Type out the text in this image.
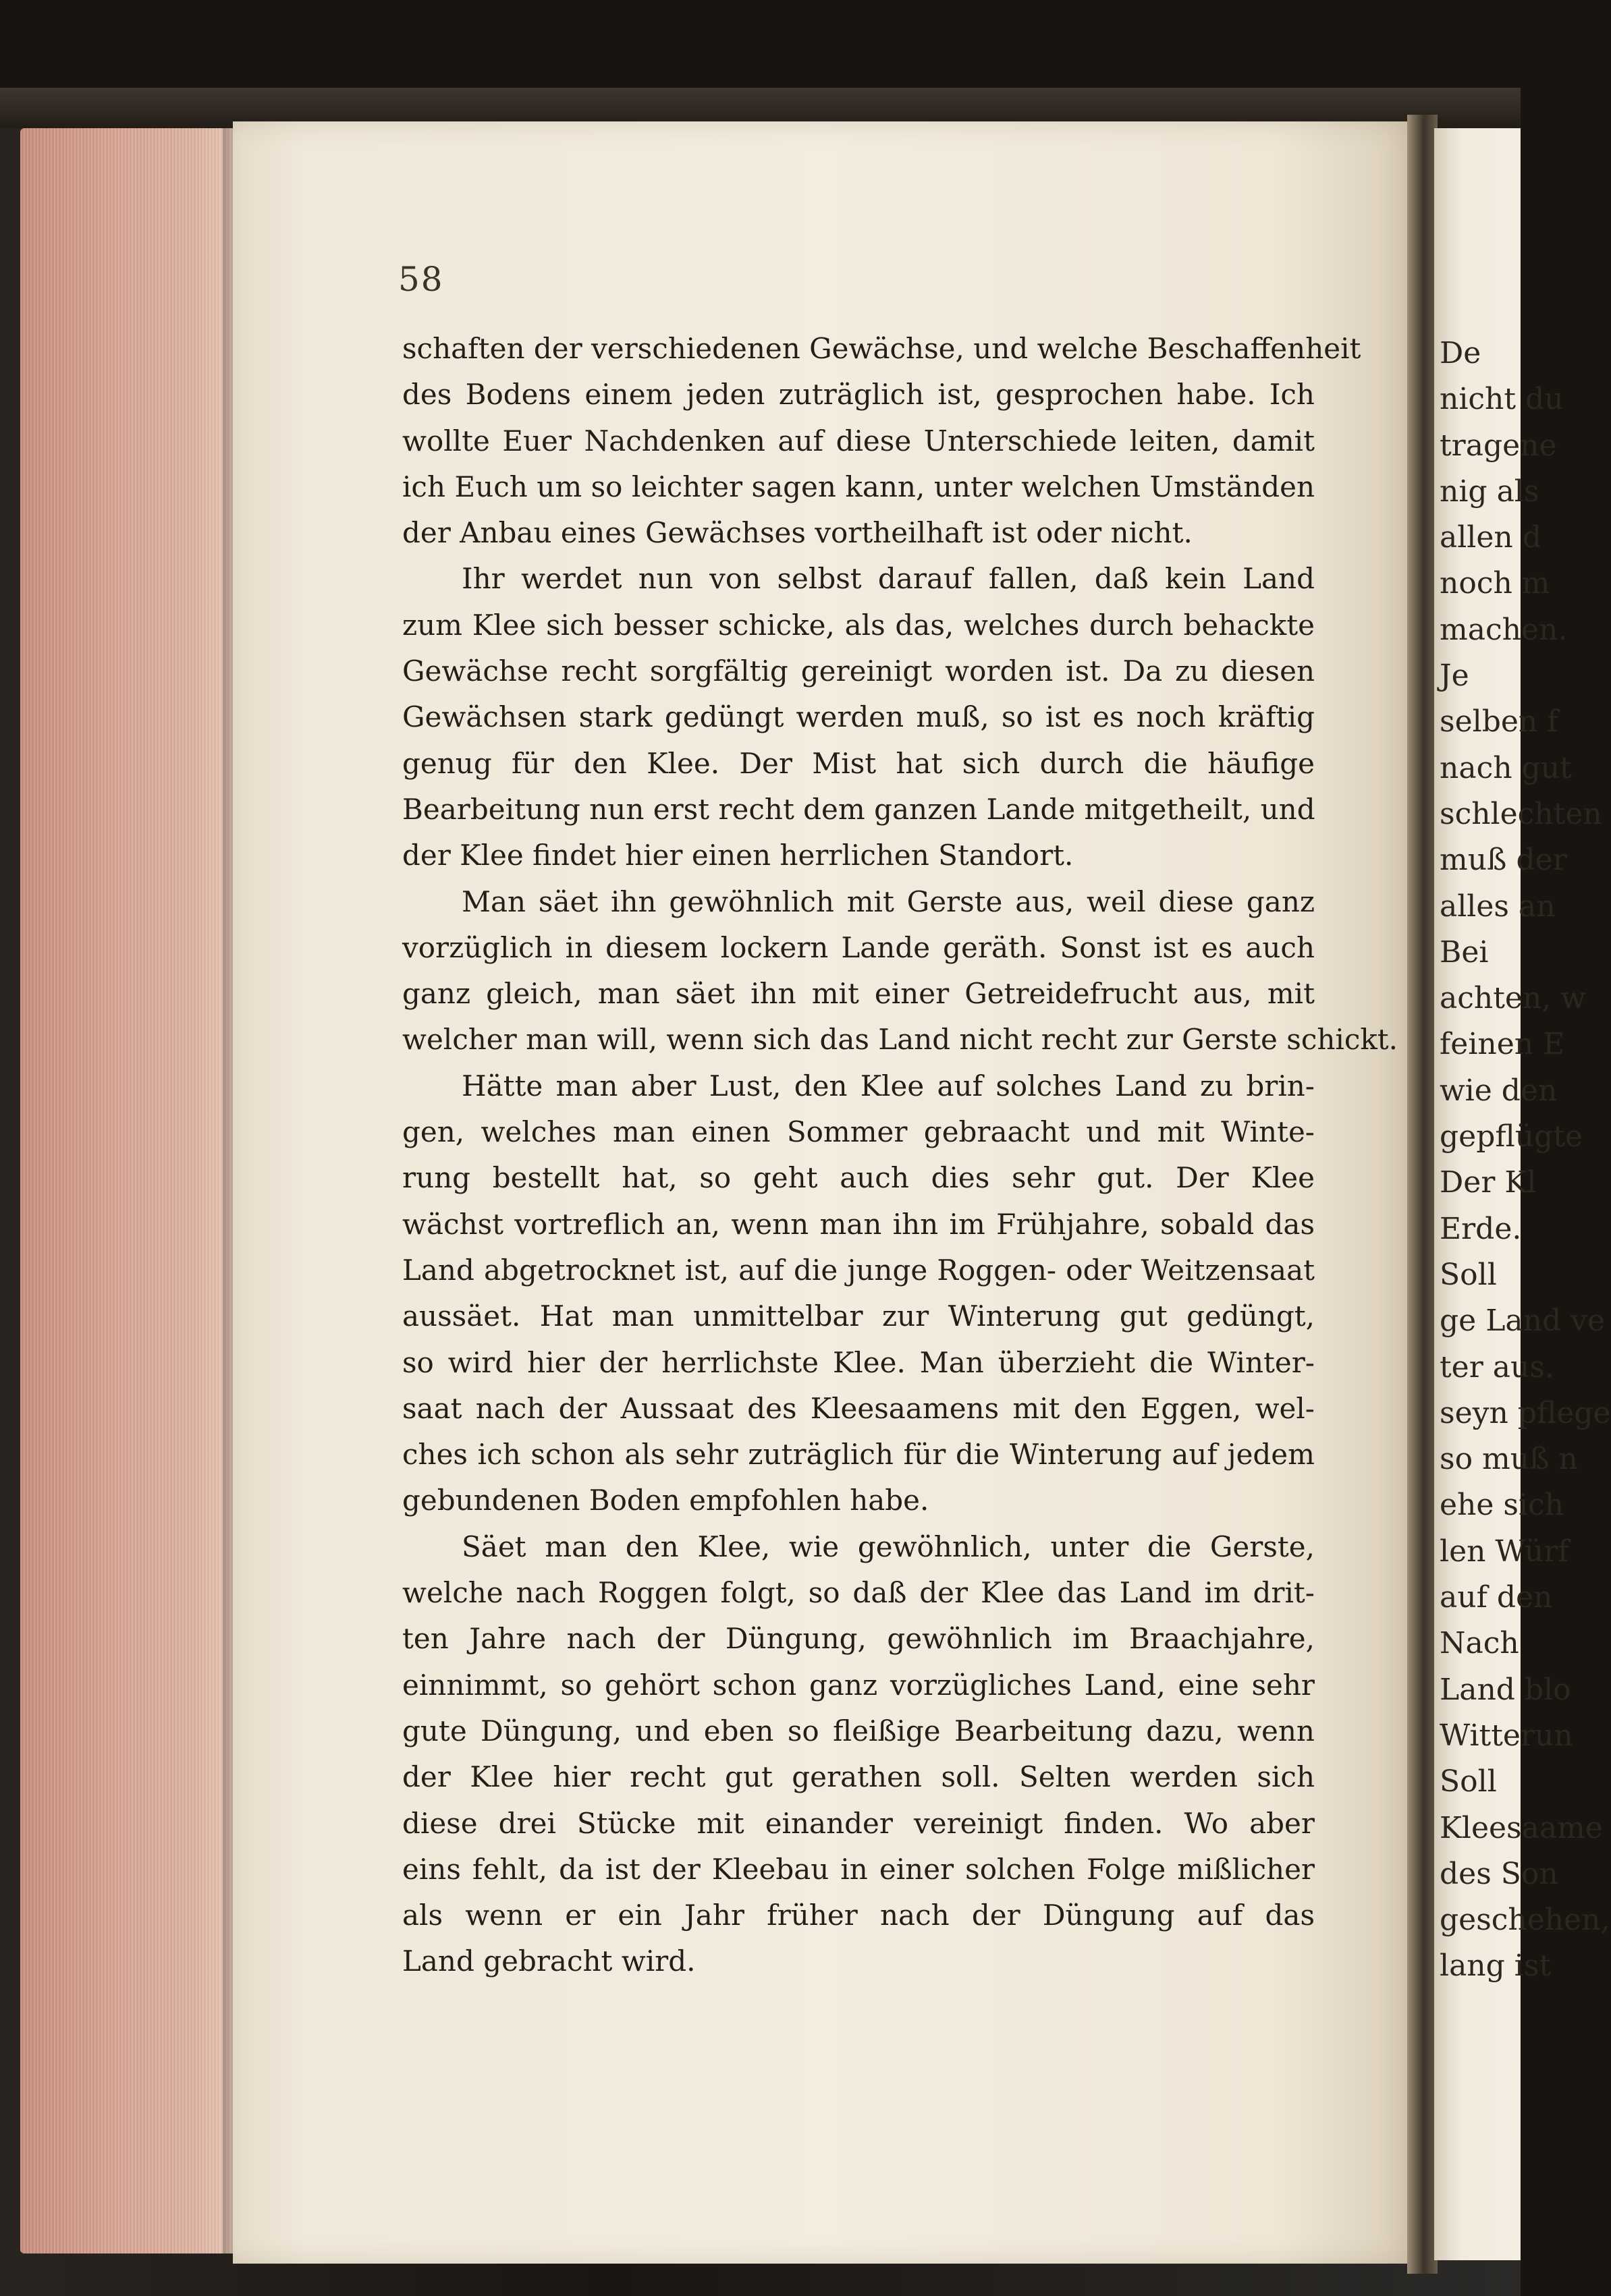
58
schaften der verschiedenen Gewächse, und welche Beschaffenheit
des Bodens einem jeden zuträglich ist, gesprochen habe. Ich
wollte Euer Nachdenken auf diese Unterschiede leiten, damit
ich Euch um so leichter sagen kann, unter welchen Umständen
der Anbau eines Gewächses vortheilhaft ist oder nicht.
Ihr werdet nun von selbst darauf fallen, daß kein Land
zum Klee sich besser schicke, als das, welches durch behackte
Gewächse recht sorgfältig gereinigt worden ist. Da zu diesen
Gewächsen stark gedüngt werden muß, so ist es noch kräftig
genug für den Klee. Der Mist hat sich durch die häufige
Bearbeitung nun erst recht dem ganzen Lande mitgetheilt, und
der Klee findet hier einen herrlichen Standort.
Man säet ihn gewöhnlich mit Gerste aus, weil diese ganz
vorzüglich in diesem lockern Lande geräth. Sonst ist es auch
ganz gleich, man säet ihn mit einer Getreidefrucht aus, mit
welcher man will, wenn sich das Land nicht recht zur Gerste schickt.
Hätte man aber Lust, den Klee auf solches Land zu brin-
gen, welches man einen Sommer gebraacht und mit Winte-
rung bestellt hat, so geht auch dies sehr gut. Der Klee
wächst vortreflich an, wenn man ihn im Frühjahre, sobald das
Land abgetrocknet ist, auf die junge Roggen- oder Weitzensaat
aussäet. Hat man unmittelbar zur Winterung gut gedüngt,
so wird hier der herrlichste Klee. Man überzieht die Winter-
saat nach der Aussaat des Kleesaamens mit den Eggen, wel-
ches ich schon als sehr zuträglich für die Winterung auf jedem
gebundenen Boden empfohlen habe.
Säet man den Klee, wie gewöhnlich, unter die Gerste,
welche nach Roggen folgt, so daß der Klee das Land im drit-
ten Jahre nach der Düngung, gewöhnlich im Braachjahre,
einnimmt, so gehört schon ganz vorzügliches Land, eine sehr
gute Düngung, und eben so fleißige Bearbeitung dazu, wenn
der Klee hier recht gut gerathen soll. Selten werden sich
diese drei Stücke mit einander vereinigt finden. Wo aber
eins fehlt, da ist der Kleebau in einer solchen Folge mißlicher
als wenn er ein Jahr früher nach der Düngung auf das
Land gebracht wird.
De
nicht du
tragene
nig als
allen d
noch m
machen.
Je
selben f
nach gut
schlechten
muß der
alles an
Bei
achten, w
feinen E
wie den
gepflügte
Der Kl
Erde.
Soll
ge Land ve
ter aus.
seyn pflege
so muß n
ehe sich
len Würf
auf den
Nach
Land blo
Witterun
Soll
Kleesaame
des Son
geschehen,
lang ist
